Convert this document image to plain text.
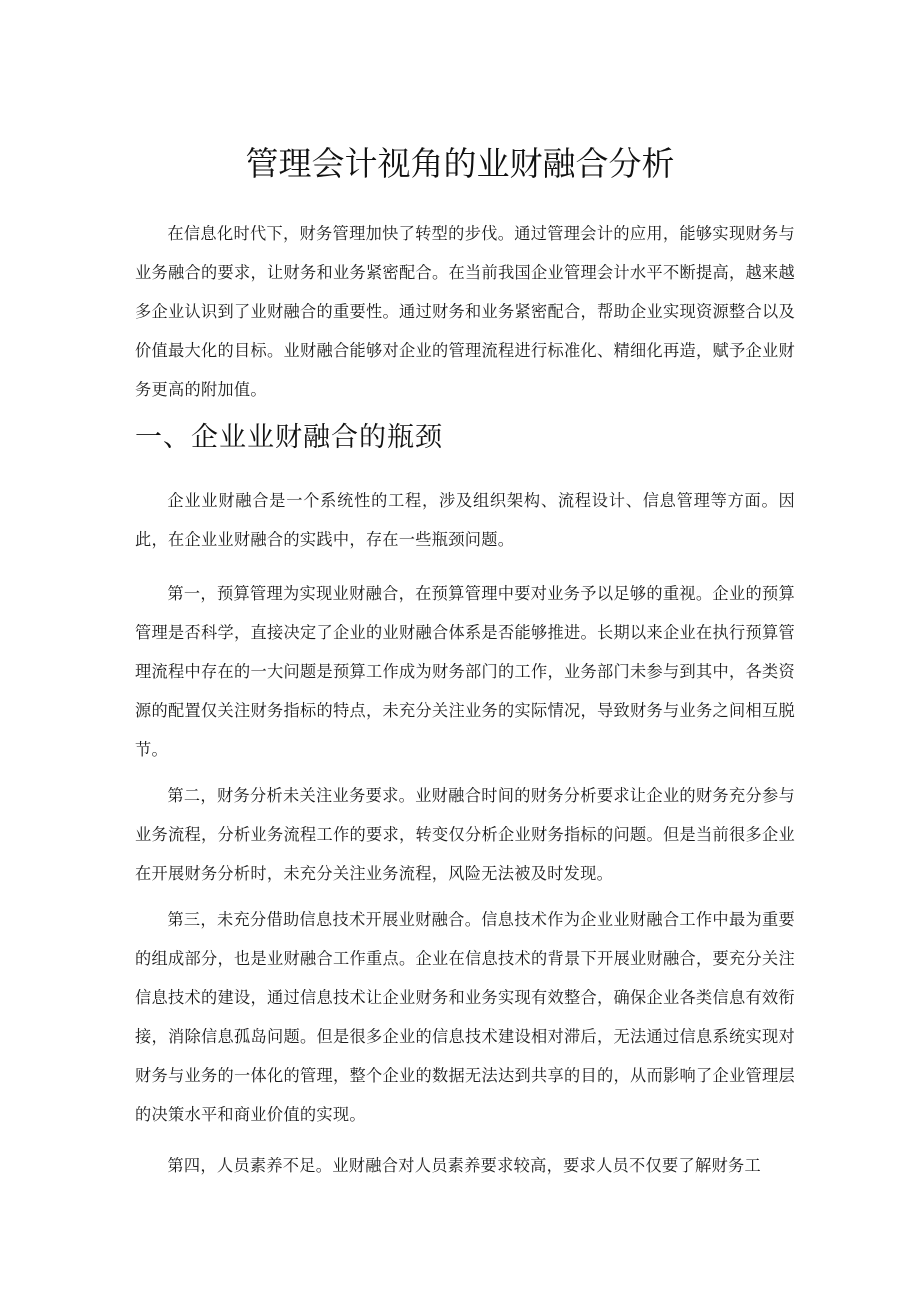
管理会计视角的业财融合分析

在信息化时代下，财务管理加快了转型的步伐。通过管理会计的应用，能够实现财务与业务融合的要求，让财务和业务紧密配合。在当前我国企业管理会计水平不断提高，越来越多企业认识到了业财融合的重要性。通过财务和业务紧密配合，帮助企业实现资源整合以及价值最大化的目标。业财融合能够对企业的管理流程进行标准化、精细化再造，赋予企业财务更高的附加值。

一、企业业财融合的瓶颈

企业业财融合是一个系统性的工程，涉及组织架构、流程设计、信息管理等方面。因此，在企业业财融合的实践中，存在一些瓶颈问题。

第一，预算管理为实现业财融合，在预算管理中要对业务予以足够的重视。企业的预算管理是否科学，直接决定了企业的业财融合体系是否能够推进。长期以来企业在执行预算管理流程中存在的一大问题是预算工作成为财务部门的工作，业务部门未参与到其中，各类资源的配置仅关注财务指标的特点，未充分关注业务的实际情况，导致财务与业务之间相互脱节。

第二，财务分析未关注业务要求。业财融合时间的财务分析要求让企业的财务充分参与业务流程，分析业务流程工作的要求，转变仅分析企业财务指标的问题。但是当前很多企业在开展财务分析时，未充分关注业务流程，风险无法被及时发现。

第三，未充分借助信息技术开展业财融合。信息技术作为企业业财融合工作中最为重要的组成部分，也是业财融合工作重点。企业在信息技术的背景下开展业财融合，要充分关注信息技术的建设，通过信息技术让企业财务和业务实现有效整合，确保企业各类信息有效衔接，消除信息孤岛问题。但是很多企业的信息技术建设相对滞后，无法通过信息系统实现对财务与业务的一体化的管理，整个企业的数据无法达到共享的目的，从而影响了企业管理层的决策水平和商业价值的实现。

第四，人员素养不足。业财融合对人员素养要求较高，要求人员不仅要了解财务工
